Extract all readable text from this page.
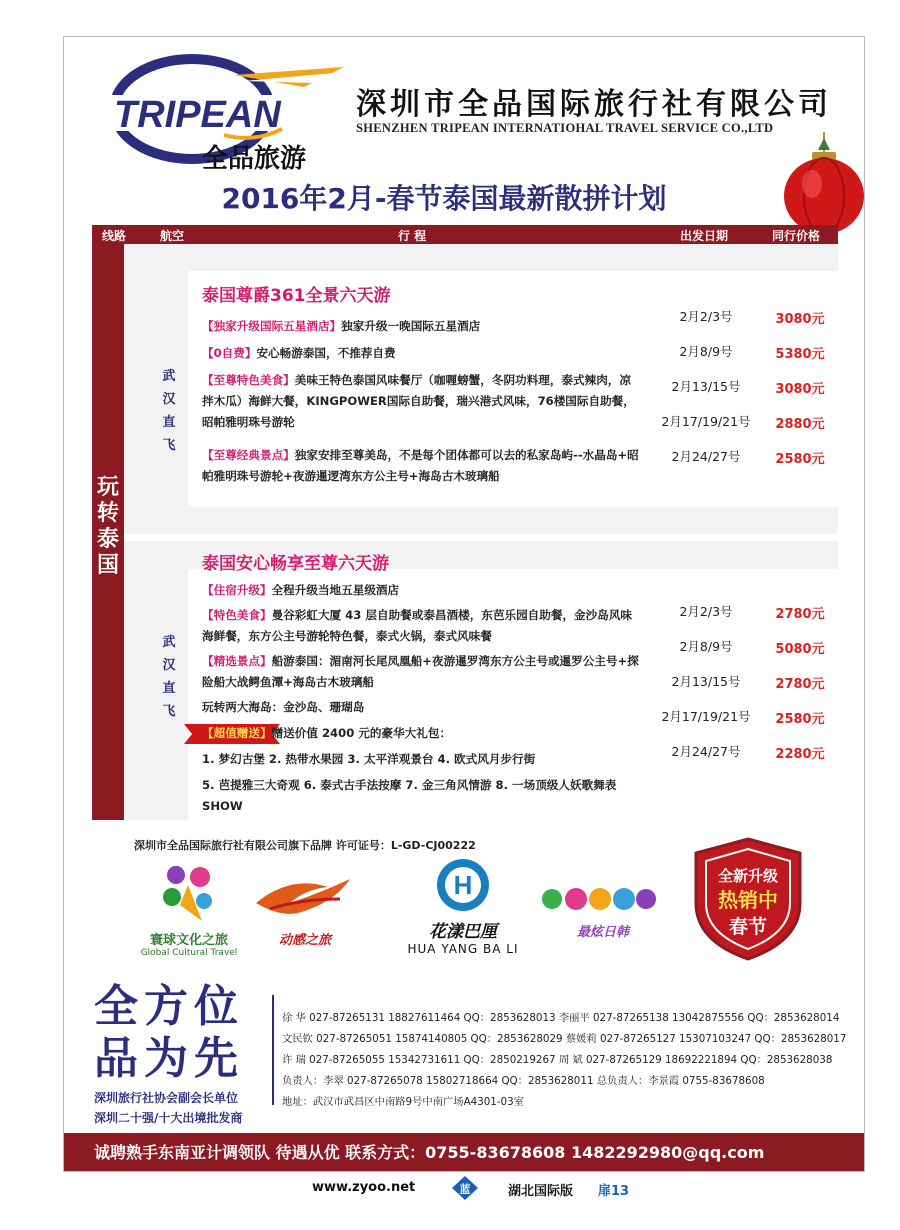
TRIPEAN
全品旅游
深圳市全品国际旅行社有限公司
SHENZHEN TRIPEAN INTERNATIOHAL TRAVEL SERVICE CO.,LTD
2016年2月-春节泰国最新散拼计划
线路	航空	行 程	出发日期	同行价格
玩转泰国
武
汉
直
飞
泰国尊爵361全景六天游
【独家升级国际五星酒店】独家升级一晚国际五星酒店
【0自费】安心畅游泰国，不推荐自费
【至尊特色美食】美味王特色泰国风味餐厅（咖喱螃蟹，冬阴功料理，泰式辣肉，凉拌木瓜）海鲜大餐，KINGPOWER国际自助餐，瑞兴港式风味，76楼国际自助餐，昭帕雅明珠号游轮
【至尊经典景点】独家安排至尊美岛，不是每个团体都可以去的私家岛屿--水晶岛+昭帕雅明珠号游轮+夜游暹逻湾东方公主号+海岛古木玻璃船
2月2/3号	3080元
2月8/9号	5380元
2月13/15号	3080元
2月17/19/21号	2880元
2月24/27号	2580元
武
汉
直
飞
泰国安心畅享至尊六天游
【住宿升级】全程升级当地五星级酒店
【特色美食】曼谷彩虹大厦 43 层自助餐或泰昌酒楼，东芭乐园自助餐，金沙岛风味海鲜餐，东方公主号游轮特色餐，泰式火锅，泰式风味餐
【精选景点】船游泰国：湄南河长尾凤凰船+夜游暹罗湾东方公主号或暹罗公主号+探险船大战鳄鱼潭+海岛古木玻璃船
玩转两大海岛：金沙岛、珊瑚岛
【超值赠送】赠送价值 2400 元的豪华大礼包：
1. 梦幻古堡 2. 热带水果园 3. 太平洋观景台 4. 欧式风月步行街
5. 芭提雅三大奇观 6. 泰式古手法按摩 7. 金三角风情游 8. 一场顶级人妖歌舞表 SHOW
2月2/3号	2780元
2月8/9号	5080元
2月13/15号	2780元
2月17/19/21号	2580元
2月24/27号	2280元
深圳市全品国际旅行社有限公司旗下品牌 许可证号：L-GD-CJ00222
寰球文化之旅
Global Cultural Travel
动感之旅
H
花漾巴厘
HUA YANG BA LI
最炫日韩
全新升级
热销中
春节
全方位
品为先
深圳旅行社协会副会长单位
深圳二十强/十大出境批发商
徐 华 027-87265131 18827611464 QQ：2853628013 李丽平 027-87265138 13042875556 QQ：2853628014
文民钦 027-87265051 15874140805 QQ：2853628029 蔡媛莉 027-87265127 15307103247 QQ：2853628017
许 瑞 027-87265055 15342731611 QQ：2850219267 周 斌 027-87265129 18692221894 QQ：2853628038
负责人：李翠 027-87265078 15802718664 QQ：2853628011 总负责人：李景霞 0755-83678608
地址：武汉市武昌区中南路9号中南广场A4301-03室
诚聘熟手东南亚计调领队 待遇从优 联系方式：0755-83678608 1482292980@qq.com
www.zyoo.net	蓝	湖北国际版 扉13
